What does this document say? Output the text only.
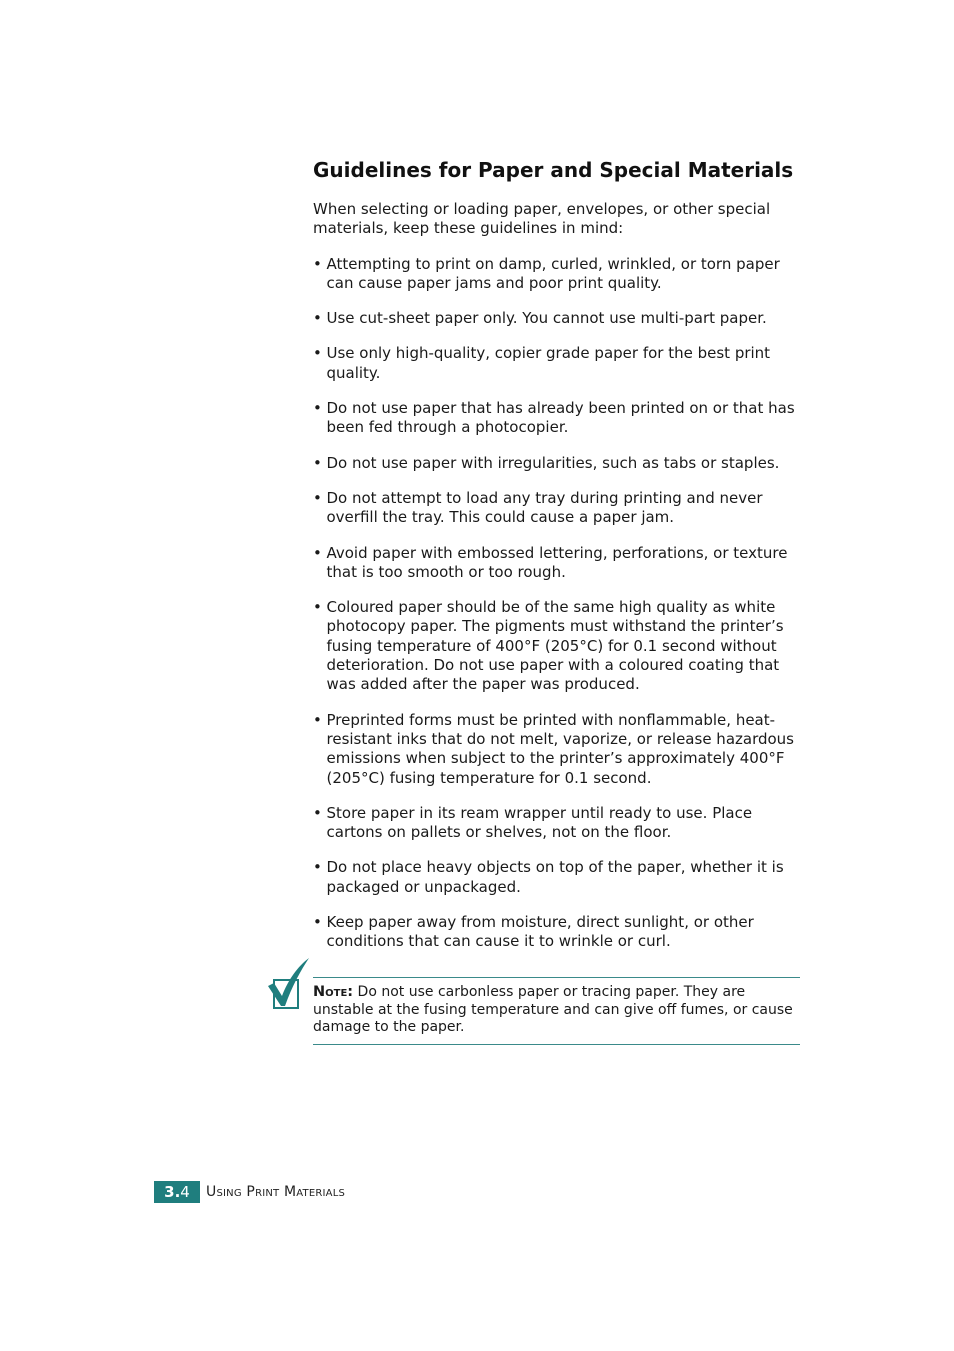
Guidelines for Paper and Special Materials

When selecting or loading paper, envelopes, or other special materials, keep these guidelines in mind:

• Attempting to print on damp, curled, wrinkled, or torn paper can cause paper jams and poor print quality.
• Use cut-sheet paper only. You cannot use multi-part paper.
• Use only high-quality, copier grade paper for the best print quality.
• Do not use paper that has already been printed on or that has been fed through a photocopier.
• Do not use paper with irregularities, such as tabs or staples.
• Do not attempt to load any tray during printing and never overfill the tray. This could cause a paper jam.
• Avoid paper with embossed lettering, perforations, or texture that is too smooth or too rough.
• Coloured paper should be of the same high quality as white photocopy paper. The pigments must withstand the printer’s fusing temperature of 400°F (205°C) for 0.1 second without deterioration. Do not use paper with a coloured coating that was added after the paper was produced.
• Preprinted forms must be printed with nonflammable, heat-resistant inks that do not melt, vaporize, or release hazardous emissions when subject to the printer’s approximately 400°F (205°C) fusing temperature for 0.1 second.
• Store paper in its ream wrapper until ready to use. Place cartons on pallets or shelves, not on the floor.
• Do not place heavy objects on top of the paper, whether it is packaged or unpackaged.
• Keep paper away from moisture, direct sunlight, or other conditions that can cause it to wrinkle or curl.
Note: Do not use carbonless paper or tracing paper. They are unstable at the fusing temperature and can give off fumes, or cause damage to the paper.
3. 4 Using Print Materials
